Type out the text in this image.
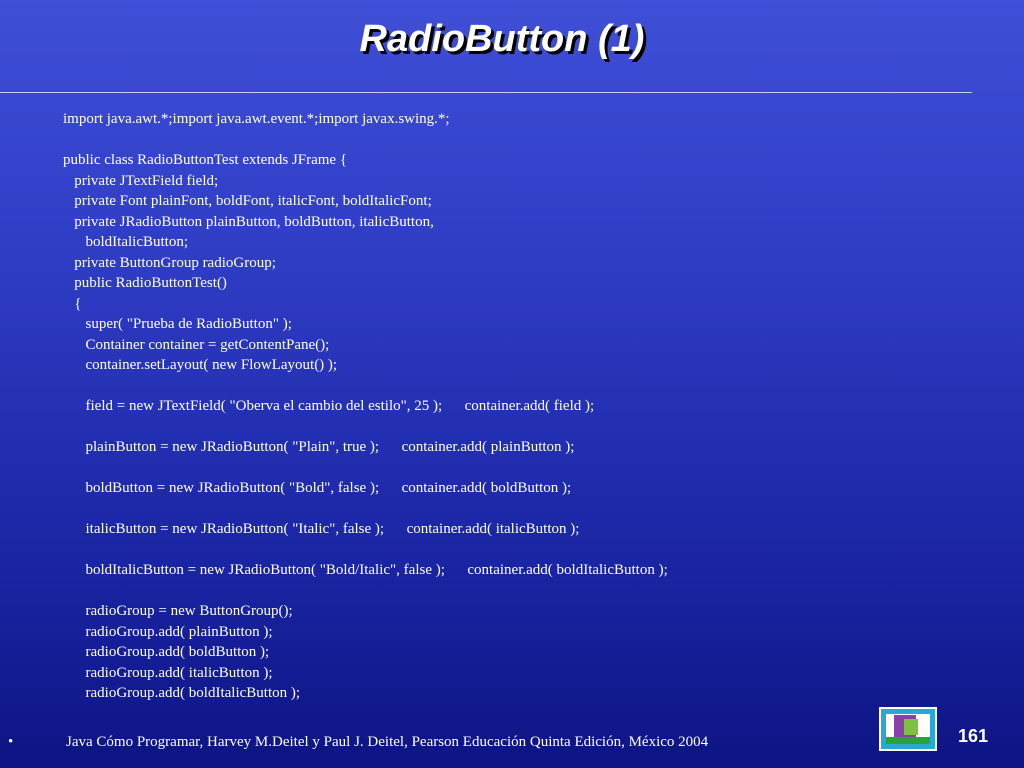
RadioButton (1)
import java.awt.*;import java.awt.event.*;import javax.swing.*;
public class RadioButtonTest extends JFrame {
private JTextField field;
private Font plainFont, boldFont, italicFont, boldItalicFont;
private JRadioButton plainButton, boldButton, italicButton,
boldItalicButton;
private ButtonGroup radioGroup;
public RadioButtonTest()
{
super( "Prueba de RadioButton" );
Container container = getContentPane();
container.setLayout( new FlowLayout() );
field = new JTextField( "Oberva el cambio del estilo", 25 );      container.add( field );
plainButton = new JRadioButton( "Plain", true );      container.add( plainButton );
boldButton = new JRadioButton( "Bold", false );      container.add( boldButton );
italicButton = new JRadioButton( "Italic", false );      container.add( italicButton );
boldItalicButton = new JRadioButton( "Bold/Italic", false );      container.add( boldItalicButton );
radioGroup = new ButtonGroup();
radioGroup.add( plainButton );
radioGroup.add( boldButton );
radioGroup.add( italicButton );
radioGroup.add( boldItalicButton );
•	Java Cómo Programar, Harvey M.Deitel y Paul J. Deitel, Pearson Educación Quinta Edición, México 2004	161
